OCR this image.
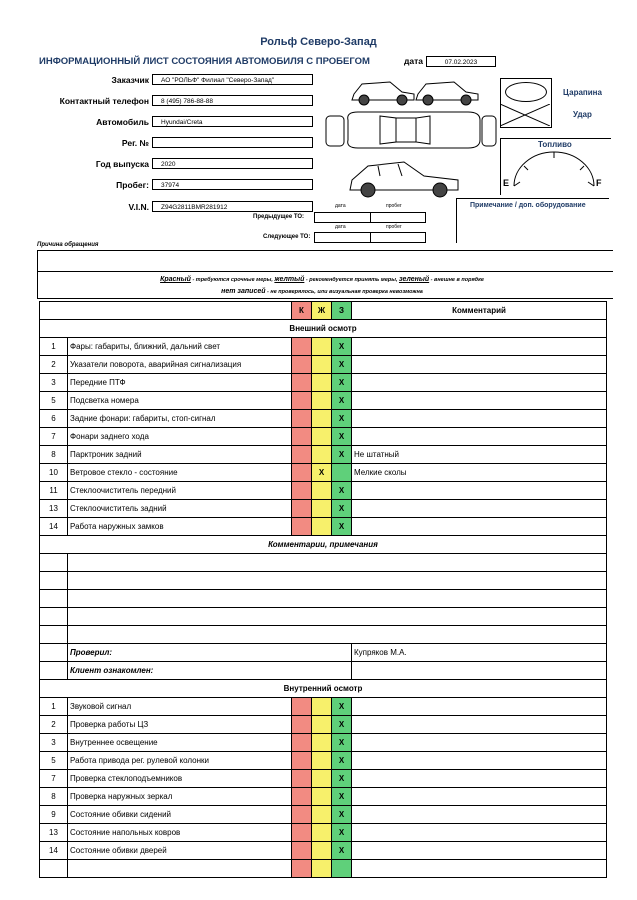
Рольф Северо-Запад
ИНФОРМАЦИОННЫЙ ЛИСТ СОСТОЯНИЯ АВТОМОБИЛЯ С ПРОБЕГОМ	дата	07.02.2023
Заказчик	АО "РОЛЬФ" Филиал "Северо-Запад"
Контактный телефон	8 (495) 786-88-88
Автомобиль	Hyundai/Creta
Рег. №
Год выпуска	2020
Пробег:	37974
V.I.N.	Z94G2811BMR281912	дата	пробег
Предыдущее ТО:
дата	пробег
Следующее ТО:
Царапина
Удар
Топливо
E	F
Примечание / доп. оборудование
Причина обращения
Красный - требуются срочные меры, желтый - рекомендуется принять меры, зеленый - внешне в порядке
нет записей - не проверялось, или визуальная проверка невозможна
		К	Ж	З	Комментарий
Внешний осмотр					
1	Фары: габариты, ближний, дальний свет			X	
2	Указатели поворота, аварийная сигнализация			X	
3	Передние ПТФ			X	
5	Подсветка номера			X	
6	Задние фонари: габариты, стоп-сигнал			X	
7	Фонари заднего хода			X	
8	Парктроник задний			X	Не штатный
10	Ветровое стекло - состояние		X		Мелкие сколы
11	Стеклоочиститель передний			X	
13	Стеклоочиститель задний			X	
14	Работа наружных замков			X	
Комментарии, примечания					

	Проверил:				Купряков М.А.
	Клиент ознакомлен:				
Внутренний осмотр					
1	Звуковой сигнал			X	
2	Проверка работы ЦЗ			X	
3	Внутреннее освещение			X	
5	Работа привода рег. рулевой колонки			X	
7	Проверка стеклоподъемников			X	
8	Проверка наружных зеркал			X	
9	Состояние обивки сидений			X	
13	Состояние напольных ковров			X	
14	Состояние обивки дверей			X	
